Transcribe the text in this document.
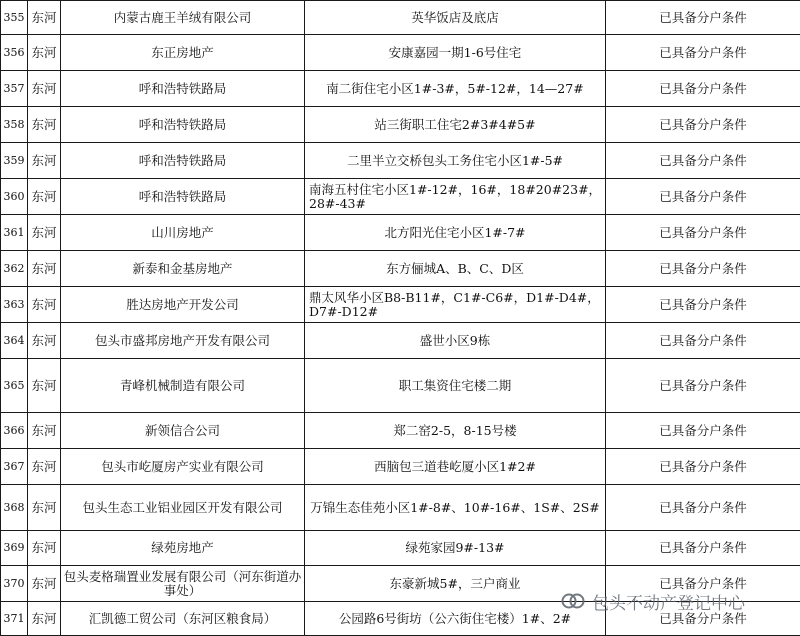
355	东河	内蒙古鹿王羊绒有限公司	英华饭店及底店	已具备分户条件
356	东河	东正房地产	安康嘉园一期1-6号住宅	已具备分户条件
357	东河	呼和浩特铁路局	南二街住宅小区1#-3#，5#-12#，14—27#	已具备分户条件
358	东河	呼和浩特铁路局	站三街职工住宅2#3#4#5#	已具备分户条件
359	东河	呼和浩特铁路局	二里半立交桥包头工务住宅小区1#-5#	已具备分户条件
360	东河	呼和浩特铁路局	南海五村住宅小区1#-12#，16#，18#20#23#，28#-43#	已具备分户条件
361	东河	山川房地产	北方阳光住宅小区1#-7#	已具备分户条件
362	东河	新泰和金基房地产	东方俪城A、B、C、D区	已具备分户条件
363	东河	胜达房地产开发公司	鼎太风华小区B8-B11#，C1#-C6#，D1#-D4#，D7#-D12#	已具备分户条件
364	东河	包头市盛邦房地产开发有限公司	盛世小区9栋	已具备分户条件
365	东河	青峰机械制造有限公司	职工集资住宅楼二期	已具备分户条件
366	东河	新领信合公司	郑二窑2-5，8-15号楼	已具备分户条件
367	东河	包头市屹厦房产实业有限公司	西脑包三道巷屹厦小区1#2#	已具备分户条件
368	东河	包头生态工业铝业园区开发有限公司	万锦生态佳苑小区1#-8#、10#-16#、1S#、2S#	已具备分户条件
369	东河	绿苑房地产	绿苑家园9#-13#	已具备分户条件
370	东河	包头麦格瑞置业发展有限公司（河东街道办事处）	东豪新城5#，三户商业	已具备分户条件
371	东河	汇凯德工贸公司（东河区粮食局）	公园路6号街坊（公六街住宅楼）1#、2#	已具备分户条件
包头不动产登记中心
